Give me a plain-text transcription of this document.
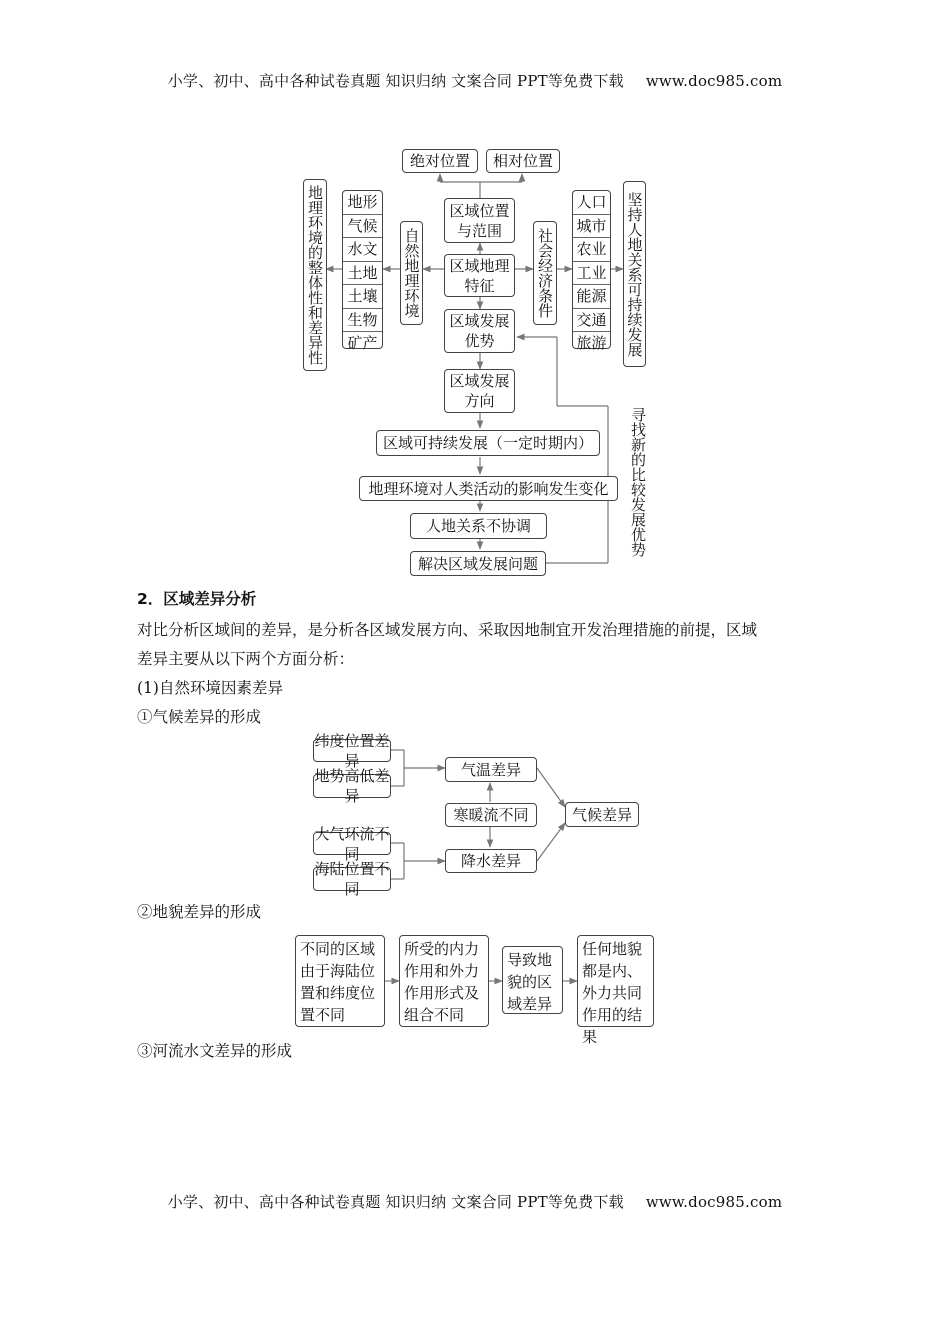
小学、初中、高中各种试卷真题 知识归纳 文案合同 PPT等免费下载 www.doc985.com
绝对位置	相对位置
地理环境的整体性和差异性 地形
气候
水文
土地
土壤
生物
矿产
自然地理环境
区域位置与范围
区域地理特征
区域发展优势
区域发展方向
社会经济条件
人口
城市
农业
工业
能源
交通
旅游 坚持人地关系可持续发展
区域可持续发展（一定时期内）
地理环境对人类活动的影响发生变化
人地关系不协调
解决区域发展问题
寻找新的比较发展优势
2．区域差异分析
对比分析区域间的差异，是分析各区域发展方向、采取因地制宜开发治理措施的前提，区域
差异主要从以下两个方面分析：
(1)自然环境因素差异
①气候差异的形成
纬度位置差异
地势高低差异
气温差异
寒暖流不同
大气环流不同
海陆位置不同
降水差异
气候差异
②地貌差异的形成
不同的区域由于海陆位置和纬度位置不同
所受的内力作用和外力作用形式及组合不同
导致地貌的区域差异
任何地貌都是内、外力共同作用的结果
③河流水文差异的形成
小学、初中、高中各种试卷真题 知识归纳 文案合同 PPT等免费下载 www.doc985.com
